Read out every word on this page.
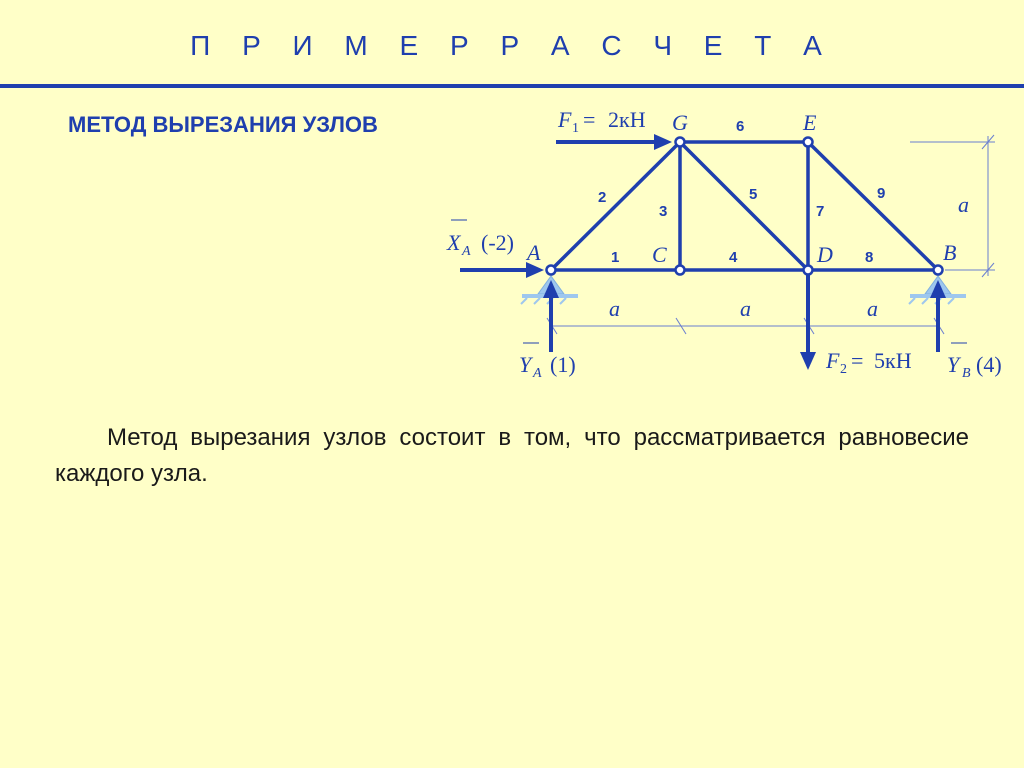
П Р И М Е Р Р А С Ч Е Т А
МЕТОД ВЫРЕЗАНИЯ УЗЛОВ
A	C	D	B
G	E
1
2
3
4
5
6
7
8
9
a	a	a
a
F 1 = 2кН
F 2 = 5кН
X A (-2)
Y A (1)	Y B (4)
Метод вырезания узлов состоит в том, что рассматривается равновесие каждого узла.
